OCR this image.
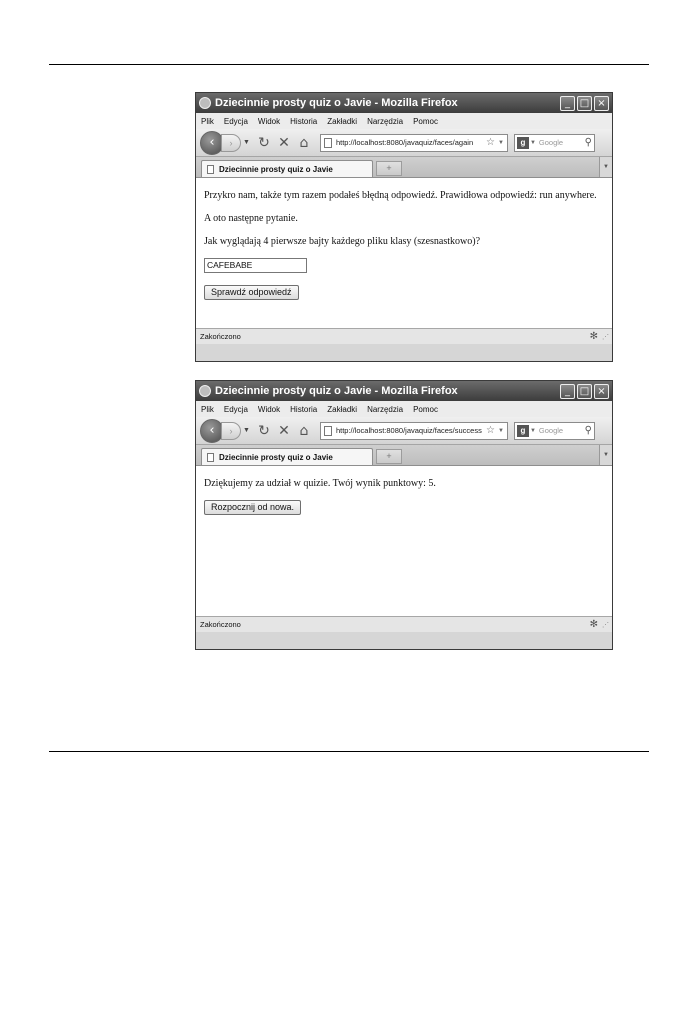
Dziecinnie prosty quiz o Javie - Mozilla Firefox	_ □ ×
Plik Edycja Widok Historia Zakładki Narzędzia Pomoc
‹	›	▼ ↻ ✕ ⌂	http://localhost:8080/javaquiz/faces/again	☆ ▼	g ▼ Google	⚲
Dziecinnie prosty quiz o Javie	+	▼

Przykro nam, także tym razem podałeś błędną odpowiedź. Prawidłowa odpowiedź: run anywhere.

A oto następne pytanie.

Jak wyglądają 4 pierwsze bajty każdego pliku klasy (szesnastkowo)?

CAFEBABE
Sprawdź odpowiedź
Zakończono	✻ ⋰
Dziecinnie prosty quiz o Javie - Mozilla Firefox	_ □ ×
Plik Edycja Widok Historia Zakładki Narzędzia Pomoc
‹	›	▼ ↻ ✕ ⌂	http://localhost:8080/javaquiz/faces/success ☆ ▼	g ▼ Google	⚲
Dziecinnie prosty quiz o Javie	+	▼

Dziękujemy za udział w quizie. Twój wynik punktowy: 5.

Rozpocznij od nowa.
Zakończono	✻ ⋰
